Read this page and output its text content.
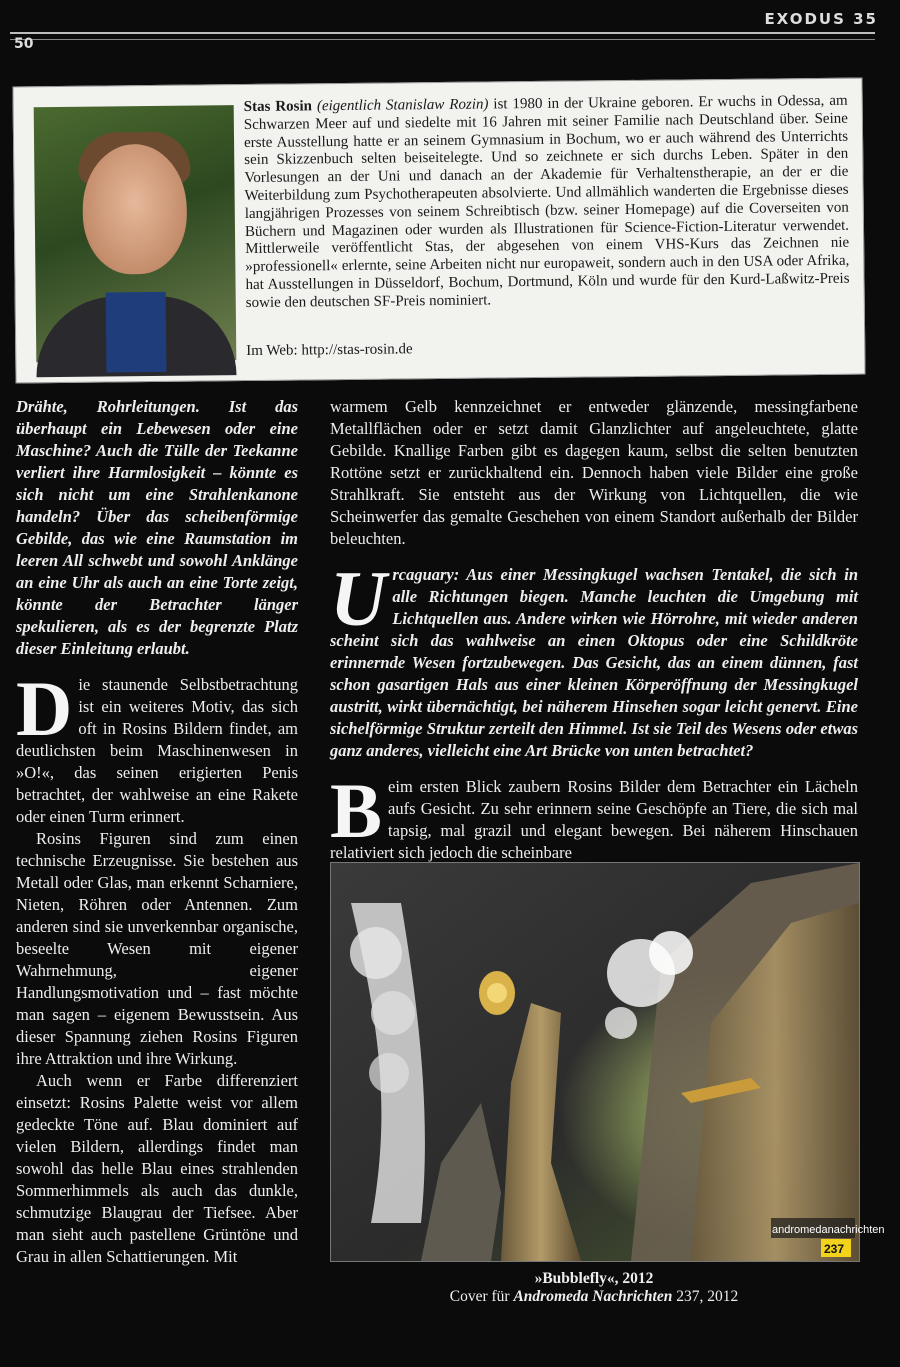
EXODUS 35
50
Stas Rosin (eigentlich Stanislaw Rozin) ist 1980 in der Ukraine geboren. Er wuchs in Odessa, am Schwarzen Meer auf und siedelte mit 16 Jahren mit seiner Familie nach Deutschland über. Seine erste Ausstellung hatte er an seinem Gymnasium in Bochum, wo er auch während des Unterrichts sein Skizzenbuch selten beiseitelegte. Und so zeichnete er sich durchs Leben. Später in den Vorlesungen an der Uni und danach an der Akademie für Verhaltenstherapie, an der er die Weiterbildung zum Psychotherapeuten absolvierte. Und allmählich wanderten die Ergebnisse dieses langjährigen Prozesses von seinem Schreibtisch (bzw. seiner Homepage) auf die Coverseiten von Büchern und Magazinen oder wurden als Illustrationen für Science-Fiction-Literatur verwendet. Mittlerweile veröffentlicht Stas, der abgesehen von einem VHS-Kurs das Zeichnen nie »professionell« erlernte, seine Arbeiten nicht nur europaweit, sondern auch in den USA oder Afrika, hat Ausstellungen in Düsseldorf, Bochum, Dortmund, Köln und wurde für den Kurd-Laßwitz-Preis sowie den deutschen SF-Preis nominiert.
Im Web: http://stas-rosin.de

Drähte, Rohrleitungen. Ist das überhaupt ein Lebewesen oder eine Maschine? Auch die Tülle der Teekanne verliert ihre Harmlosigkeit – könnte es sich nicht um eine Strahlenkanone handeln? Über das scheibenförmige Gebilde, das wie eine Raumstation im leeren All schwebt und sowohl Anklänge an eine Uhr als auch an eine Torte zeigt, könnte der Betrachter länger spekulieren, als es der begrenzte Platz dieser Einleitung erlaubt.

Die staunende Selbstbetrachtung ist ein weiteres Motiv, das sich oft in Rosins Bildern findet, am deutlichsten beim Maschinenwesen in »O!«, das seinen erigierten Penis betrachtet, der wahlweise an eine Rakete oder einen Turm erinnert.

Rosins Figuren sind zum einen technische Erzeugnisse. Sie bestehen aus Metall oder Glas, man erkennt Scharniere, Nieten, Röhren oder Antennen. Zum anderen sind sie unverkennbar organische, beseelte Wesen mit eigener Wahrnehmung, eigener Handlungsmotivation und – fast möchte man sagen – eigenem Bewusstsein. Aus dieser Spannung ziehen Rosins Figuren ihre Attraktion und ihre Wirkung.

Auch wenn er Farbe differenziert einsetzt: Rosins Palette weist vor allem gedeckte Töne auf. Blau dominiert auf vielen Bildern, allerdings findet man sowohl das helle Blau eines strahlenden Sommerhimmels als auch das dunkle, schmutzige Blaugrau der Tiefsee. Aber man sieht auch pastellene Grüntöne und Grau in allen Schattierungen. Mit

warmem Gelb kennzeichnet er entweder glänzende, messingfarbene Metallflächen oder er setzt damit Glanzlichter auf angeleuchtete, glatte Gebilde. Knallige Farben gibt es dagegen kaum, selbst die selten benutzten Rottöne setzt er zurückhaltend ein. Dennoch haben viele Bilder eine große Strahlkraft. Sie entsteht aus der Wirkung von Lichtquellen, die wie Scheinwerfer das gemalte Geschehen von einem Standort außerhalb der Bilder beleuchten.

Urcaguary: Aus einer Messingkugel wachsen Tentakel, die sich in alle Richtungen biegen. Manche leuchten die Umgebung mit Lichtquellen aus. Andere wirken wie Hörrohre, mit wieder anderen scheint sich das wahlweise an einen Oktopus oder eine Schildkröte erinnernde Wesen fortzubewegen. Das Gesicht, das an einem dünnen, fast schon gasartigen Hals aus einer kleinen Körperöffnung der Messingkugel austritt, wirkt übernächtigt, bei näherem Hinsehen sogar leicht genervt. Eine sichelförmige Struktur zerteilt den Himmel. Ist sie Teil des Wesens oder etwas ganz anderes, vielleicht eine Art Brücke von unten betrachtet?

Beim ersten Blick zaubern Rosins Bilder dem Betrachter ein Lächeln aufs Gesicht. Zu sehr erinnern seine Geschöpfe an Tiere, die sich mal tapsig, mal grazil und elegant bewegen. Bei näherem Hinschauen relativiert sich jedoch die scheinbare

andromedanachrichten
237
»Bubblefly«, 2012
Cover für Andromeda Nachrichten 237, 2012
